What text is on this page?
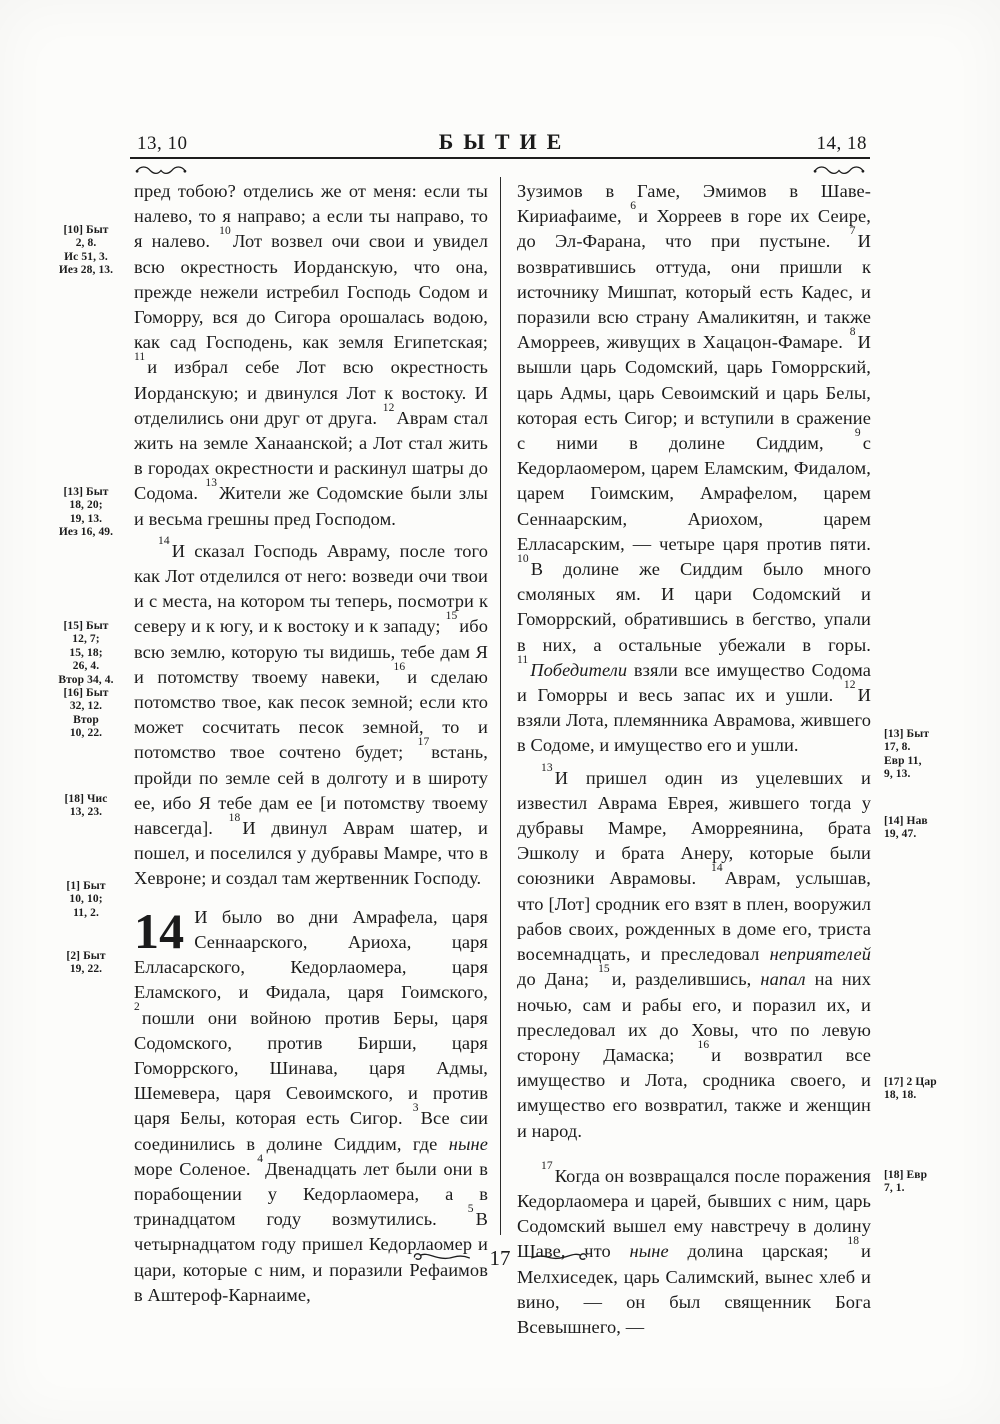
13, 10	БЫТИЕ	14, 18

пред тобою? отделись же от меня: если ты налево, то я направо; а если ты направо, то я налево. $^{10}$Лот возвел очи свои и увидел всю окрестность Иорданскую, что она, прежде нежели истребил Господь Содом и Гоморру, вся до Сигора орошалась водою, как сад Господень, как земля Египетская; $^{11}$и избрал себе Лот всю окрестность Иорданскую; и двинулся Лот к востоку. И отделились они друг от друга. $^{12}$Аврам стал жить на земле Ханаанской; а Лот стал жить в городах окрестности и раскинул шатры до Содома. $^{13}$Жители же Содомские были злы и весьма грешны пред Господом.

$^{14}$И сказал Господь Авраму, после того как Лот отделился от него: возведи очи твои и с места, на котором ты теперь, посмотри к северу и к югу, и к востоку и к западу; $^{15}$ибо всю землю, которую ты видишь, тебе дам Я и потомству твоему навеки, $^{16}$и сделаю потомство твое, как песок земной; если кто может сосчитать песок земной, то и потомство твое сочтено будет; $^{17}$встань, пройди по земле сей в долготу и в широту ее, ибо Я тебе дам ее [и потомству твоему навсегда]. $^{18}$И двинул Аврам шатер, и пошел, и поселился у дубравы Мамре, что в Хевроне; и создал там жертвенник Господу.

14 И было во дни Амрафела, царя Сеннаарского, Ариоха, царя Елласарского, Кедорлаомера, царя Еламского, и Фидала, царя Гоимского, $^2$пошли они войною против Беры, царя Содомского, против Бирши, царя Гоморрского, Шинава, царя Адмы, Шемевера, царя Севоимского, и против царя Белы, которая есть Сигор. $^3$Все сии соединились в долине Сиддим, где ныне море Соленое. $^4$Двенадцать лет были они в порабощении у Кедорлаомера, а в тринадцатом году возмутились. $^5$В четырнадцатом году пришел Кедорлаомер и цари, которые с ним, и поразили Рефаимов в Аштероф-Карнаиме,

Зузимов в Гаме, Эмимов в Шаве-Кириафаиме, $^6$и Хорреев в горе их Сеире, до Эл-Фарана, что при пустыне. $^7$И возвратившись оттуда, они пришли к источнику Мишпат, который есть Кадес, и поразили всю страну Амаликитян, и также Аморреев, живущих в Хацацон-Фамаре. $^8$И вышли царь Содомский, царь Гоморрский, царь Адмы, царь Севоимский и царь Белы, которая есть Сигор; и вступили в сражение с ними в долине Сиддим, $^9$с Кедорлаомером, царем Еламским, Фидалом, царем Гоимским, Амрафелом, царем Сеннаарским, Ариохом, царем Елласарским, — четыре царя против пяти. $^{10}$В долине же Сиддим было много смоляных ям. И цари Содомский и Гоморрский, обратившись в бегство, упали в них, а остальные убежали в горы. $^{11}$Победители взяли все имущество Содома и Гоморры и весь запас их и ушли. $^{12}$И взяли Лота, племянника Аврамова, жившего в Содоме, и имущество его и ушли.

$^{13}$И пришел один из уцелевших и известил Аврама Еврея, жившего тогда у дубравы Мамре, Аморреянина, брата Эшколу и брата Анеру, которые были союзники Аврамовы. $^{14}$Аврам, услышав, что [Лот] сродник его взят в плен, вооружил рабов своих, рожденных в доме его, триста восемнадцать, и преследовал неприятелей до Дана; $^{15}$и, разделившись, напал на них ночью, сам и рабы его, и поразил их, и преследовал их до Ховы, что по левую сторону Дамаска; $^{16}$и возвратил все имущество и Лота, сродника своего, и имущество его возвратил, также и женщин и народ.

$^{17}$Когда он возвращался после поражения Кедорлаомера и царей, бывших с ним, царь Содомский вышел ему навстречу в долину Шаве, что ныне долина царская; $^{18}$и Мелхиседек, царь Салимский, вынес хлеб и вино, — он был священник Бога Всевышнего, —

17
[10] Быт
2, 8.
Ис 51, 3.
Иез 28, 13.
[13] Быт
18, 20;
19, 13.
Иез 16, 49.
[15] Быт
12, 7;
15, 18;
26, 4.
Втор 34, 4.
[16] Быт
32, 12.
Втор
10, 22.
[18] Чис
13, 23.
[1] Быт
10, 10;
11, 2.
[2] Быт
19, 22.
[13] Быт
17, 8.
Евр 11,
9, 13.
[14] Нав
19, 47.
[17] 2 Цар
18, 18.
[18] Евр
7, 1.
